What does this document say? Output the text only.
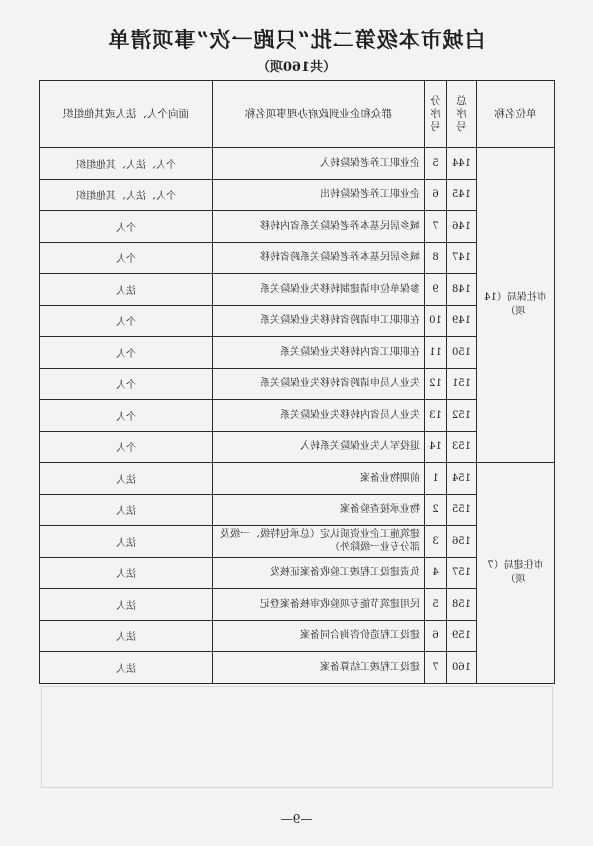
白城市本级第二批“只跑一次”事项清单
（共160项）
单位名称	总序号	分序号	群众和企业到政府办理事项名称	面向个人、法人或其他组织
市社保局（14项）	144	5	企业职工养老保险转入	个人、法人、其他组织
	145	6	企业职工养老保险转出	个人、法人、其他组织
	146	7	城乡居民基本养老保险关系省内转移	个人
	147	8	城乡居民基本养老保险关系跨省转移	个人
	148	9	参保单位申请建制转移失业保险关系	法人
	149	10	在职职工申请跨省转移失业保险关系	个人
	150	11	在职职工省内转移失业保险关系	个人
	151	12	失业人员申请跨省转移失业保险关系	个人
	152	13	失业人员省内转移失业保险关系	个人
	153	14	退役军人失业保险关系转入	个人
市住建局（7项）	154	1	前期物业备案	法人
	155	2	物业承接查验备案	法人
	156	3	建筑施工企业资质认定（总承包特级、一级及部分专业一级除外）	法人
	157	4	负责建设工程竣工验收备案证核发	法人
	158	5	民用建筑节能专项验收审核备案登记	法人
	159	6	建设工程造价咨询合同备案	法人
	160	7	建设工程竣工结算备案	法人
—9—
